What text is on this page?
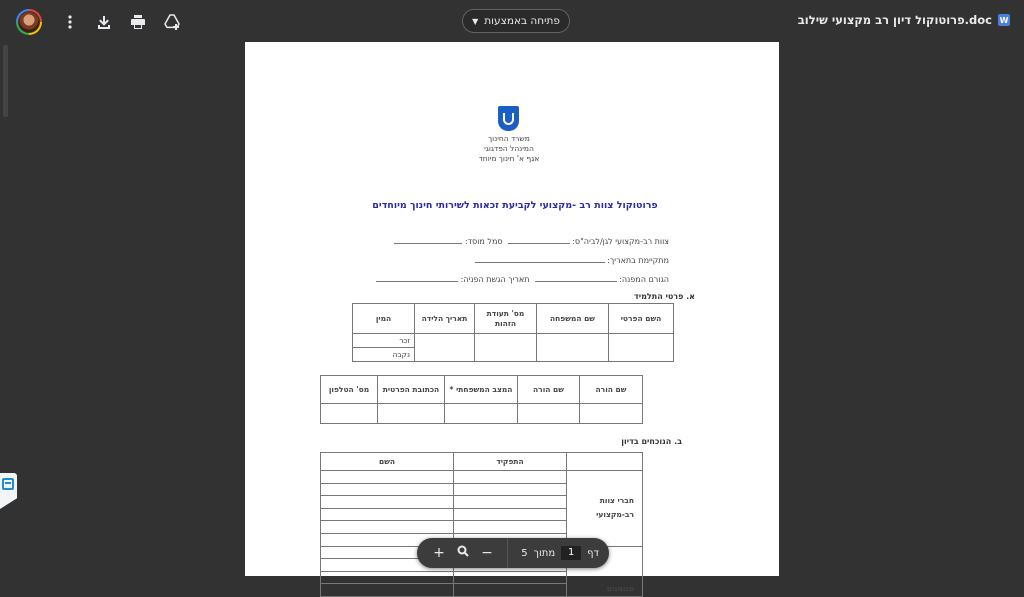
פתיחה באמצעות
▼	פרוטוקול דיון רב מקצועי שילוב.doc W
משרד החינוך
המינהל הפדגוגי
אגף א' חינוך מיוחד
פרוטוקול צוות רב -מקצועי לקביעת זכאות לשירותי חינוך מיוחדים
צוות רב-מקצועי לגן/לביה"ס:   סמל מוסד:
מתקיימת בתאריך:
הגורם המפנה:   תאריך הגשת הפניה:
א. פרטי התלמיד
השם הפרטי	שם המשפחה	מס' תעודת הזהות	תאריך הלידה	המין
				זכר
				נקבה
שם הורה	שם הורה	המצב המשפחתי *	הכתובת הפרטית	מס' הטלפון

ב. הנוכחים בדיון
	התפקיד	השם
חברי צוות רב-מקצועי		

מוזמנים		

דף
1
מתוך
5
−
+
